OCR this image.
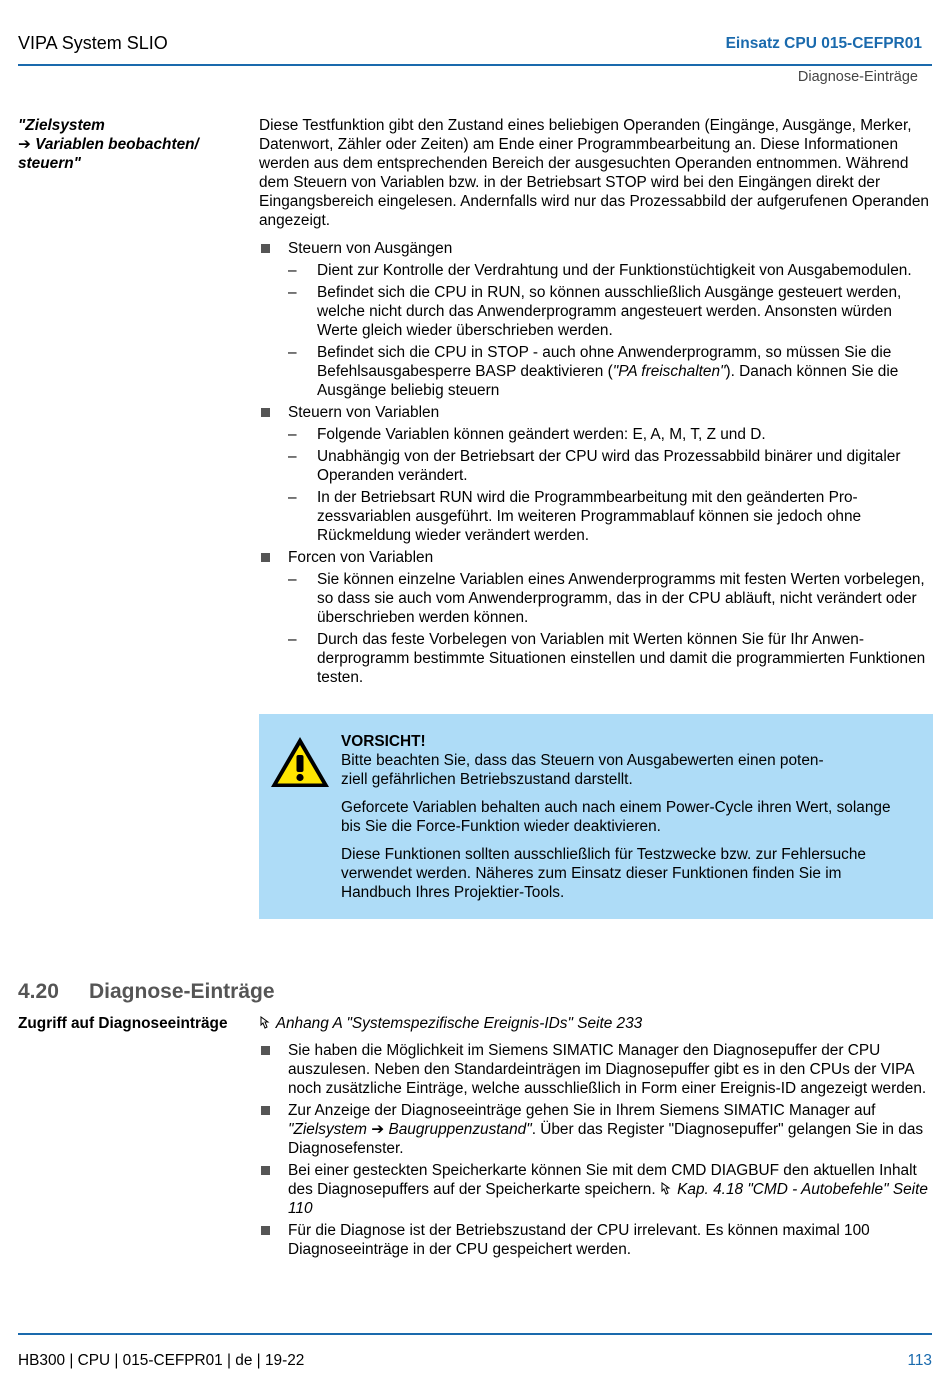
VIPA System SLIO	Einsatz CPU 015-CEFPR01
Diagnose-Einträge
"Zielsystem
➔ Variablen beobachten/
steuern"

Diese Testfunktion gibt den Zustand eines beliebigen Operanden (Eingänge, Ausgänge, Merker, Datenwort, Zähler oder Zeiten) am Ende einer Programmbearbeitung an. Diese Informationen werden aus dem entsprechenden Bereich der ausgesuchten Operanden entnommen. Während dem Steuern von Variablen bzw. in der Betriebsart STOP wird bei den Eingängen direkt der Eingangsbereich eingelesen. Andernfalls wird nur das Prozessabbild der aufgerufenen Operanden angezeigt.

Steuern von Ausgängen
– Dient zur Kontrolle der Verdrahtung und der Funktionstüchtigkeit von Ausgabemodulen.
– Befindet sich die CPU in RUN, so können ausschließlich Ausgänge gesteuert werden, welche nicht durch das Anwenderprogramm angesteuert werden. Ansonsten würden Werte gleich wieder überschrieben werden.
– Befindet sich die CPU in STOP - auch ohne Anwenderprogramm, so müssen Sie die Befehlsausgabesperre BASP deaktivieren ("PA freischalten"). Danach können Sie die Ausgänge beliebig steuern
Steuern von Variablen
– Folgende Variablen können geändert werden: E, A, M, T, Z und D.
– Unabhängig von der Betriebsart der CPU wird das Prozessabbild binärer und digitaler Operanden verändert.
– In der Betriebsart RUN wird die Programmbearbeitung mit den geänderten Prozessvariablen ausgeführt. Im weiteren Programmablauf können sie jedoch ohne Rückmeldung wieder verändert werden.
Forcen von Variablen
– Sie können einzelne Variablen eines Anwenderprogramms mit festen Werten vorbelegen, so dass sie auch vom Anwenderprogramm, das in der CPU abläuft, nicht verändert oder überschrieben werden können.
– Durch das feste Vorbelegen von Variablen mit Werten können Sie für Ihr Anwenderprogramm bestimmte Situationen einstellen und damit die programmierten Funktionen testen.
VORSICHT!

Bitte beachten Sie, dass das Steuern von Ausgabewerten einen poten-
ziell gefährlichen Betriebszustand darstellt.

Geforcete Variablen behalten auch nach einem Power-Cycle ihren Wert, solange bis Sie die Force-Funktion wieder deaktivieren.

Diese Funktionen sollten ausschließlich für Testzwecke bzw. zur Fehlersuche verwendet werden. Näheres zum Einsatz dieser Funktionen finden Sie im Handbuch Ihres Projektier-Tools.

4.20 Diagnose-Einträge
Zugriff auf Diagnoseeinträge	Anhang A "Systemspezifische Ereignis-IDs" Seite 233
Sie haben die Möglichkeit im Siemens SIMATIC Manager den Diagnosepuffer der CPU auszulesen. Neben den Standardeinträgen im Diagnosepuffer gibt es in den CPUs der VIPA noch zusätzliche Einträge, welche ausschließlich in Form einer Ereignis-ID angezeigt werden.
Zur Anzeige der Diagnoseeinträge gehen Sie in Ihrem Siemens SIMATIC Manager auf "Zielsystem ➔ Baugruppenzustand". Über das Register "Diagnosepuffer" gelangen Sie in das Diagnosefenster.
Bei einer gesteckten Speicherkarte können Sie mit dem CMD DIAGBUF den aktuellen Inhalt des Diagnosepuffers auf der Speicherkarte speichern.  Kap. 4.18 "CMD - Autobefehle" Seite 110
Für die Diagnose ist der Betriebszustand der CPU irrelevant. Es können maximal 100 Diagnoseeinträge in der CPU gespeichert werden.
HB300 | CPU | 015-CEFPR01 | de | 19-22	113
